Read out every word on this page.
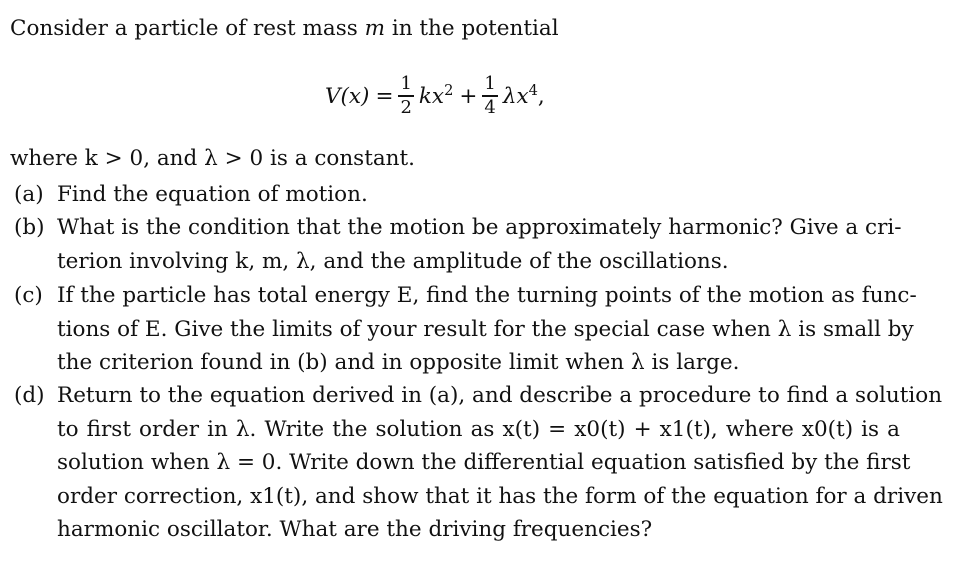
Consider a particle of rest mass m in the potential
$V(x) = \frac{1}{2} kx^2 + \frac{1}{4} \lambda x^4$ ,
where k > 0, and λ > 0 is a constant.
(a) Find the equation of motion.
(b) What is the condition that the motion be approximately harmonic? Give a cri-
terion involving k, m, λ, and the amplitude of the oscillations.
(c) If the particle has total energy E, find the turning points of the motion as func-
tions of E. Give the limits of your result for the special case when λ is small by
the criterion found in (b) and in opposite limit when λ is large.
(d) Return to the equation derived in (a), and describe a procedure to find a solution
to first order in λ. Write the solution as x(t) = x0(t) + x1(t), where x0(t) is a
solution when λ = 0. Write down the differential equation satisfied by the first
order correction, x1(t), and show that it has the form of the equation for a driven
harmonic oscillator. What are the driving frequencies?
